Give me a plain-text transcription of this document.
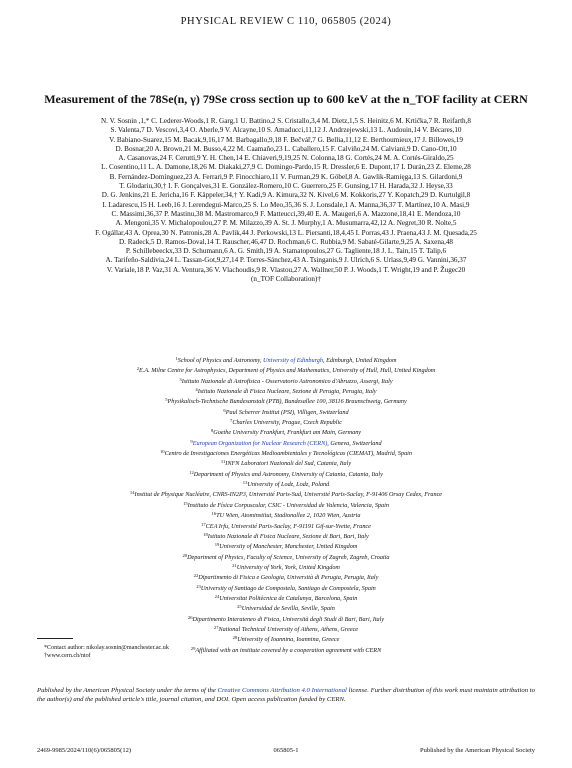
PHYSICAL REVIEW C 110, 065805 (2024)
Measurement of the 78Se(n, γ) 79Se cross section up to 600 keV at the n_TOF facility at CERN
N. V. Sosnin ,1,* C. Lederer-Woods,1 R. Garg,1 U. Battino,2 S. Cristallo,3,4 M. Dietz,1,5 S. Heinitz,6 M. Krtička,7 R. Reifarth,8
S. Valenta,7 D. Vescovi,3,4 O. Aberle,9 V. Alcayne,10 S. Amaducci,11,12 J. Andrzejewski,13 L. Audouin,14 V. Bécares,10
V. Babiano-Suarez,15 M. Bacak,9,16,17 M. Barbagallo,9,18 F. Bečvář,7 G. Bellia,11,12 E. Berthoumieux,17 J. Billowes,19
D. Bosnar,20 A. Brown,21 M. Busso,4,22 M. Caamaño,23 L. Caballero,15 F. Calviño,24 M. Calviani,9 D. Cano-Ott,10
A. Casanovas,24 F. Cerutti,9 Y. H. Chen,14 E. Chiaveri,9,19,25 N. Colonna,18 G. Cortés,24 M. A. Cortés-Giraldo,25
L. Cosentino,11 L. A. Damone,18,26 M. Diakaki,27,9 C. Domingo-Pardo,15 R. Dressler,6 E. Dupont,17 I. Durán,23 Z. Eleme,28
B. Fernández-Domínguez,23 A. Ferrari,9 P. Finocchiaro,11 V. Furman,29 K. Göbel,8 A. Gawlik-Ramięga,13 S. Gilardoni,9
T. Glodariu,30,† I. F. Gonçalves,31 E. González-Romero,10 C. Guerrero,25 F. Gunsing,17 H. Harada,32 J. Heyse,33
D. G. Jenkins,21 E. Jericha,16 F. Käppeler,34,† Y. Kadi,9 A. Kimura,32 N. Kivel,6 M. Kokkoris,27 Y. Kopatch,29 D. Kurtulgil,8
I. Ladarescu,15 H. Leeb,16 J. Lerendegui-Marco,25 S. Lo Meo,35,36 S. J. Lonsdale,1 A. Manna,36,37 T. Martínez,10 A. Masi,9
C. Massimi,36,37 P. Mastinu,38 M. Mastromarco,9 F. Matteucci,39,40 E. A. Maugeri,6 A. Mazzone,18,41 E. Mendoza,10
A. Mengoni,35 V. Michalopoulou,27 P. M. Milazzo,39 A. St. J. Murphy,1 A. Musumarra,42,12 A. Negret,30 R. Nolte,5
F. Ogállar,43 A. Oprea,30 N. Patronis,28 A. Pavlik,44 J. Perkowski,13 L. Piersanti,18,4,45 I. Porras,43 J. Praena,43 J. M. Quesada,25
D. Radeck,5 D. Ramos-Doval,14 T. Rauscher,46,47 D. Rochman,6 C. Rubbia,9 M. Sabaté-Gilarte,9,25 A. Saxena,48
P. Schillebeeckx,33 D. Schumann,6 A. G. Smith,19 A. Stamatopoulos,27 G. Tagliente,18 J. L. Tain,15 T. Talip,6
A. Tarifeño-Saldivia,24 L. Tassan-Got,9,27,14 P. Torres-Sánchez,43 A. Tsinganis,9 J. Ulrich,6 S. Urlass,9,49 G. Vannini,36,37
V. Variale,18 P. Vaz,31 A. Ventura,36 V. Vlachoudis,9 R. Vlastou,27 A. Wallner,50 P. J. Woods,1 T. Wright,19 and P. Žugec20
(n_TOF Collaboration)†
$^1$School of Physics and Astronomy, University of Edinburgh, Edinburgh, United Kingdom
$^2$E.A. Milne Centre for Astrophysics, Department of Physics and Mathematics, University of Hull, Hull, United Kingdom
$^3$Istituto Nazionale di Astrofisica - Osservatorio Astronomico d'Abruzzo, Assergi, Italy
$^4$Istituto Nazionale di Fisica Nucleare, Sezione di Perugia, Perugia, Italy
$^5$Physikalisch-Technische Bundesanstalt (PTB), Bundesallee 100, 38116 Braunschweig, Germany
$^6$Paul Scherrer Institut (PSI), Villigen, Switzerland
$^7$Charles University, Prague, Czech Republic
$^8$Goethe University Frankfurt, Frankfurt am Main, Germany
$^9$European Organization for Nuclear Research (CERN), Geneva, Switzerland
$^{10}$Centro de Investigaciones Energéticas Medioambientales y Tecnológicas (CIEMAT), Madrid, Spain
$^{11}$INFN Laboratori Nazionali del Sud, Catania, Italy
$^{12}$Department of Physics and Astronomy, University of Catania, Catania, Italy
$^{13}$University of Lodz, Lodz, Poland
$^{14}$Institut de Physique Nucléaire, CNRS-IN2P3, Université Paris-Sud, Université Paris-Saclay, F-91406 Orsay Cedex, France
$^{15}$Instituto de Física Corpuscular, CSIC - Universidad de Valencia, Valencia, Spain
$^{16}$TU Wien, Atominstitut, Stadionallee 2, 1020 Wien, Austria
$^{17}$CEA Irfu, Université Paris-Saclay, F-91191 Gif-sur-Yvette, France
$^{18}$Istituto Nazionale di Fisica Nucleare, Sezione di Bari, Bari, Italy
$^{19}$University of Manchester, Manchester, United Kingdom
$^{20}$Department of Physics, Faculty of Science, University of Zagreb, Zagreb, Croatia
$^{21}$University of York, York, United Kingdom
$^{22}$Dipartimento di Fisica e Geologia, Università di Perugia, Perugia, Italy
$^{23}$University of Santiago de Compostela, Santiago de Compostela, Spain
$^{24}$Universitat Politècnica de Catalunya, Barcelona, Spain
$^{25}$Universidad de Sevilla, Seville, Spain
$^{26}$Dipartimento Interateneo di Fisica, Università degli Studi di Bari, Bari, Italy
$^{27}$National Technical University of Athens, Athens, Greece
$^{28}$University of Ioannina, Ioannina, Greece
$^{29}$Affiliated with an institute covered by a cooperation agreement with CERN
*Contact author: nikolay.sosnin@manchester.ac.uk
†www.cern.ch/ntof
Published by the American Physical Society under the terms of the Creative Commons Attribution 4.0 International license. Further distribution of this work must maintain attribution to the author(s) and the published article's title, journal citation, and DOI. Open access publication funded by CERN.
2469-9985/2024/110(6)/065805(12)	065805-1	Published by the American Physical Society
